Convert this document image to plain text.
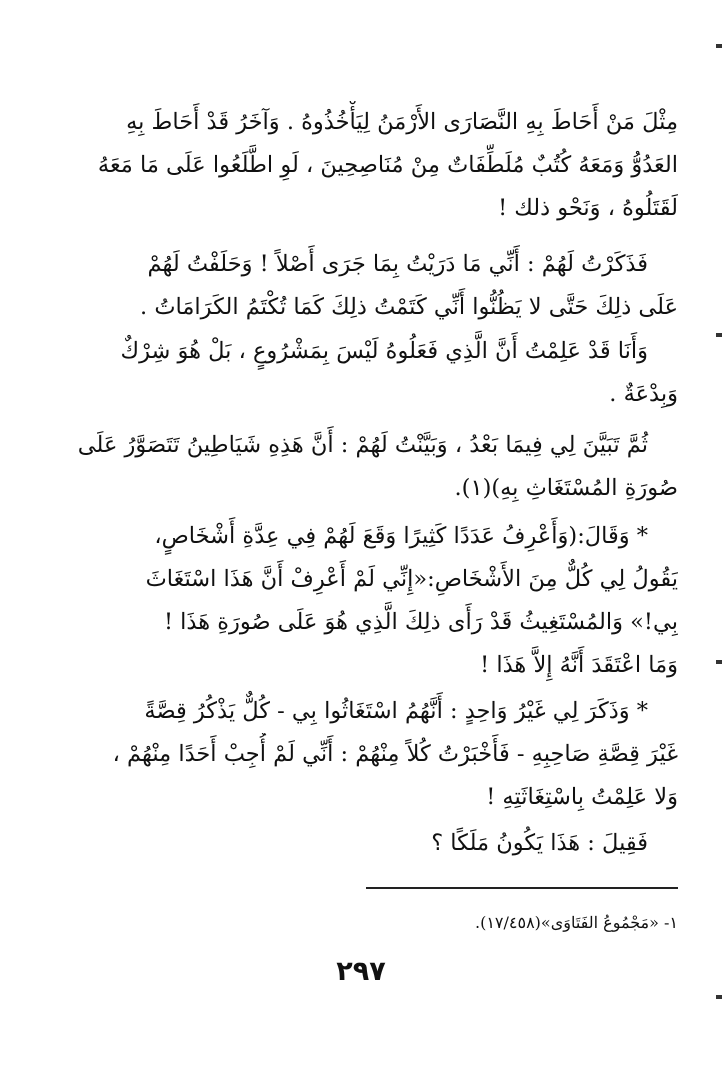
مِثْلَ مَنْ أَحَاطَ بِهِ النَّصَارَى الأَرْمَنُ لِيَأْخُذُوهُ . وَآخَرُ قَدْ أَحَاطَ بِهِ
العَدُوُّ وَمَعَهُ كُتُبٌ مُلَطِّفَاتٌ مِنْ مُنَاصِحِينَ ، لَوِ اطَّلَعُوا عَلَى مَا مَعَهُ
لَقَتَلُوهُ ، وَنَحْو ذلك !
فَذَكَرْتُ لَهُمْ : أَنِّي مَا دَرَيْتُ بِمَا جَرَى أَصْلاً ! وَحَلَفْتُ لَهُمْ
عَلَى ذلِكَ حَتَّى لا يَظُنُّوا أَنِّي كَتَمْتُ ذلِكَ كَمَا تُكْتَمُ الكَرَامَاتُ .
وَأَنَا قَدْ عَلِمْتُ أَنَّ الَّذِي فَعَلُوهُ لَيْسَ بِمَشْرُوعٍ ، بَلْ هُوَ شِرْكٌ
وَبِدْعَةٌ .
ثُمَّ تَبَيَّنَ لِي فِيمَا بَعْدُ ، وَبَيَّنْتُ لَهُمْ : أَنَّ هَذِهِ شَيَاطِينُ تَتَصَوَّرُ عَلَى
صُورَةِ المُسْتَغَاثِ بِهِ)(١).
* وَقَالَ:(وَأَعْرِفُ عَدَدًا كَثِيرًا وَقَعَ لَهُمْ فِي عِدَّةِ أَشْخَاصٍ،
يَقُولُ لِي كُلٌّ مِنَ الأَشْخَاصِ:«إِنِّي لَمْ أَعْرِفْ أَنَّ هَذَا اسْتَغَاثَ
بِي!» وَالمُسْتَغِيثُ قَدْ رَأَى ذلِكَ الَّذِي هُوَ عَلَى صُورَةِ هَذَا !
وَمَا اعْتَقَدَ أَنَّهُ إِلاَّ هَذَا !
* وَذَكَرَ لِي غَيْرُ وَاحِدٍ : أَنَّهُمُ اسْتَغَاثُوا بِي - كُلٌّ يَذْكُرُ قِصَّةً
غَيْرَ قِصَّةِ صَاحِبِهِ - فَأَخْبَرْتُ كُلاً مِنْهُمْ : أَنِّي لَمْ أُجِبْ أَحَدًا مِنْهُمْ ،
وَلا عَلِمْتُ بِاسْتِغَاثَتِهِ !
فَقِيلَ : هَذَا يَكُونُ مَلَكًا ؟
١- «مَجْمُوعُ الفَتَاوَى»(١٧/٤٥٨).
٢٩٧
